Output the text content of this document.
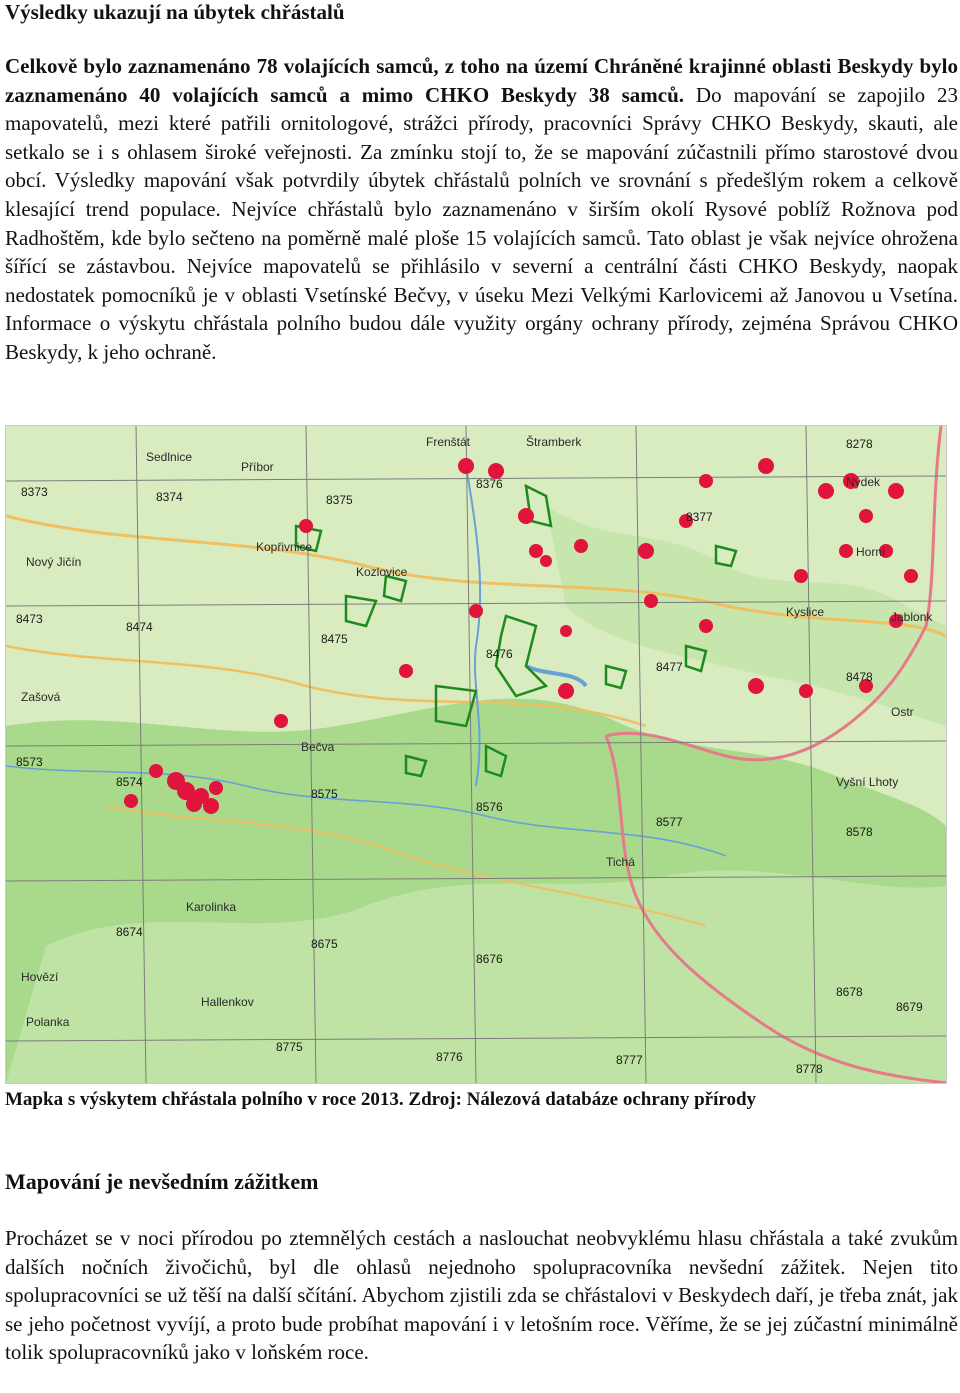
Výsledky ukazují na úbytek chřástalů

Celkově bylo zaznamenáno 78 volajících samců, z toho na území Chráněné krajinné oblasti Beskydy bylo zaznamenáno 40 volajících samců a mimo CHKO Beskydy 38 samců. Do mapování se zapojilo 23 mapovatelů, mezi které patřili ornitologové, strážci přírody, pracovníci Správy CHKO Beskydy, skauti, ale setkalo se i s ohlasem široké veřejnosti. Za zmínku stojí to, že se mapování zúčastnili přímo starostové dvou obcí. Výsledky mapování však potvrdily úbytek chřástalů polních ve srovnání s předešlým rokem a celkově klesající trend populace. Nejvíce chřástalů bylo zaznamenáno v širším okolí Rysové poblíž Rožnova pod Radhoštěm, kde bylo sečteno na poměrně malé ploše 15 volajících samců. Tato oblast je však nejvíce ohrožena šířící se zástavbou. Nejvíce mapovatelů se přihlásilo v severní a centrální části CHKO Beskydy, naopak nedostatek pomocníků je v oblasti Vsetínské Bečvy, v úseku Mezi Velkými Karlovicemi až Janovou u Vsetína. Informace o výskytu chřástala polního budou dále využity orgány ochrany přírody, zejména Správou CHKO Beskydy, k jeho ochraně.

Příbor
Sedlnice
Kozlovice
Kopřivnice
Frenštát	Štramberk
Nový Jičín
Zašová
Bečva
Karolinka
Hovězí
Polanka
Hallenkov
Jablonk
Nýdek
Horní
Ostr
Kyslice
Vyšní Lhoty
Tichá
8373	8374	8375
8376
8377
8278
8473
8474
8475
8476
8477
8478
8573
8574
8575
8576
8577
8578
8674
8675
8676
8678
8679
8775
8776	8777
8778

Mapka s výskytem chřástala polního v roce 2013. Zdroj: Nálezová databáze ochrany přírody

Mapování je nevšedním zážitkem

Procházet se v noci přírodou po ztemnělých cestách a naslouchat neobvyklému hlasu chřástala a také zvukům dalších nočních živočichů, byl dle ohlasů nejednoho spolupracovníka nevšední zážitek. Nejen tito spolupracovníci se už těší na další sčítání. Abychom zjistili zda se chřástalovi v Beskydech daří, je třeba znát, jak se jeho početnost vyvíjí, a proto bude probíhat mapování i v letošním roce. Věříme, že se jej zúčastní minimálně tolik spolupracovníků jako v loňském roce.
